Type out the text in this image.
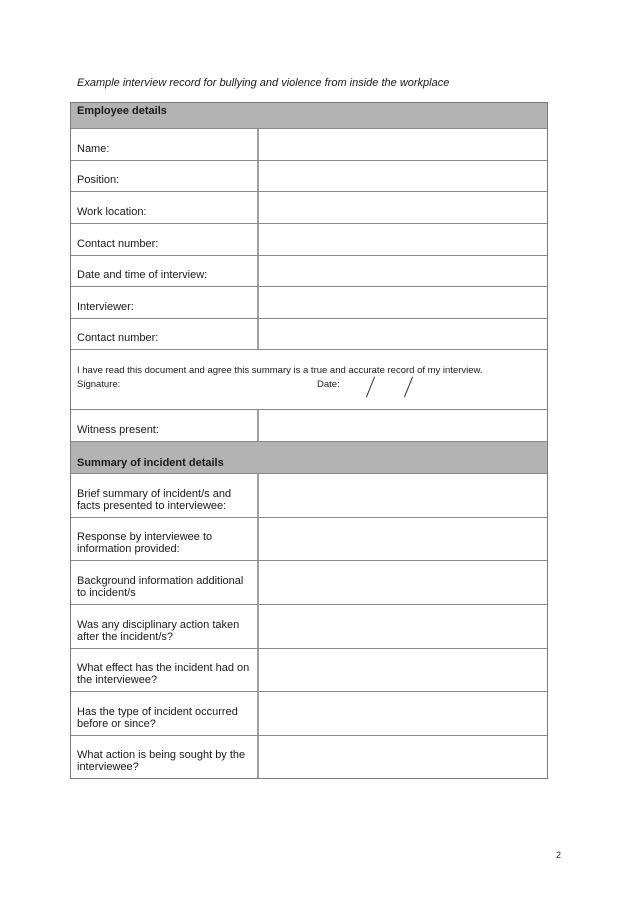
Example interview record for bullying and violence from inside the workplace
Employee details
Name:
Position:
Work location:
Contact number:
Date and time of interview:
Interviewer:
Contact number:
I have read this document and agree this summary is a true and accurate record of my interview.
Signature:	Date:
Witness present:
Summary of incident details
Brief summary of incident/s and facts presented to interviewee:
Response by interviewee to information provided:
Background information additional to incident/s
Was any disciplinary action taken after the incident/s?
What effect has the incident had on the interviewee?
Has the type of incident occurred before or since?
What action is being sought by the interviewee?
2
